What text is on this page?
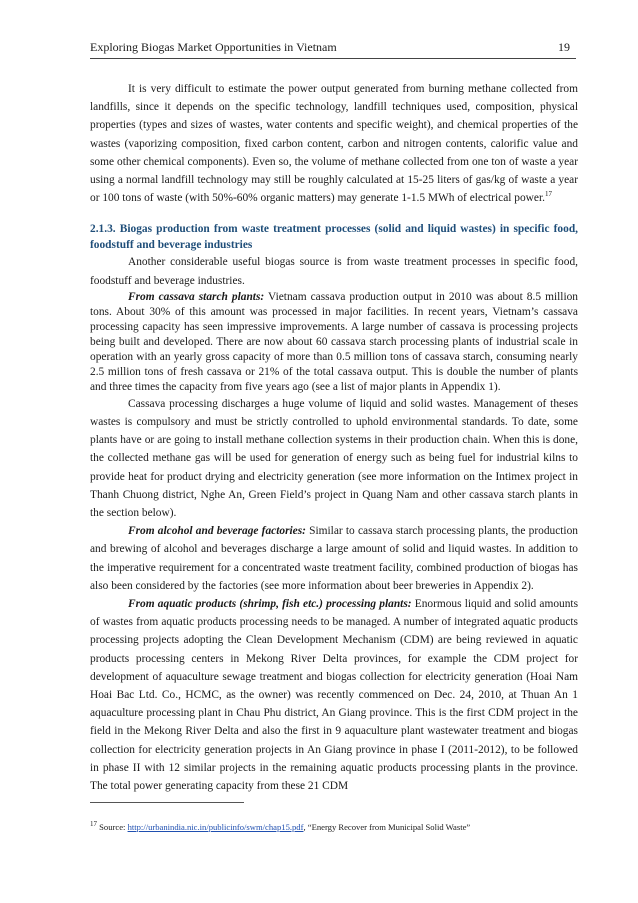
Exploring Biogas Market Opportunities in Vietnam	19

It is very difficult to estimate the power output generated from burning methane collected from landfills, since it depends on the specific technology, landfill techniques used, composition, physical properties (types and sizes of wastes, water contents and specific weight), and chemical properties of the wastes (vaporizing composition, fixed carbon content, carbon and nitrogen contents, calorific value and some other chemical components). Even so, the volume of methane collected from one ton of waste a year using a normal landfill technology may still be roughly calculated at 15-25 liters of gas/kg of waste a year or 100 tons of waste (with 50%-60% organic matters) may generate 1-1.5 MWh of electrical power.$^{17}$

2.1.3. Biogas production from waste treatment processes (solid and liquid wastes) in specific food, foodstuff and beverage industries

Another considerable useful biogas source is from waste treatment processes in specific food, foodstuff and beverage industries.

From cassava starch plants: Vietnam cassava production output in 2010 was about 8.5 million tons. About 30% of this amount was processed in major facilities. In recent years, Vietnam’s cassava processing capacity has seen impressive improvements. A large number of cassava is processing projects being built and developed. There are now about 60 cassava starch processing plants of industrial scale in operation with an yearly gross capacity of more than 0.5 million tons of cassava starch, consuming nearly 2.5 million tons of fresh cassava or 21% of the total cassava output. This is double the number of plants and three times the capacity from five years ago (see a list of major plants in Appendix 1).

Cassava processing discharges a huge volume of liquid and solid wastes. Management of theses wastes is compulsory and must be strictly controlled to uphold environmental standards. To date, some plants have or are going to install methane collection systems in their production chain. When this is done, the collected methane gas will be used for generation of energy such as being fuel for industrial kilns to provide heat for product drying and electricity generation (see more information on the Intimex project in Thanh Chuong district, Nghe An, Green Field’s project in Quang Nam and other cassava starch plants in the section below).

From alcohol and beverage factories: Similar to cassava starch processing plants, the production and brewing of alcohol and beverages discharge a large amount of solid and liquid wastes. In addition to the imperative requirement for a concentrated waste treatment facility, combined production of biogas has also been considered by the factories (see more information about beer breweries in Appendix 2).

From aquatic products (shrimp, fish etc.) processing plants: Enormous liquid and solid amounts of wastes from aquatic products processing needs to be managed. A number of integrated aquatic products processing projects adopting the Clean Development Mechanism (CDM) are being reviewed in aquatic products processing centers in Mekong River Delta provinces, for example the CDM project for development of aquaculture sewage treatment and biogas collection for electricity generation (Hoai Nam Hoai Bac Ltd. Co., HCMC, as the owner) was recently commenced on Dec. 24, 2010, at Thuan An 1 aquaculture processing plant in Chau Phu district, An Giang province. This is the first CDM project in the field in the Mekong River Delta and also the first in 9 aquaculture plant wastewater treatment and biogas collection for electricity generation projects in An Giang province in phase I (2011-2012), to be followed in phase II with 12 similar projects in the remaining aquatic products processing plants in the province. The total power generating capacity from these 21 CDM

$^{17}$ Source: http://urbanindia.nic.in/publicinfo/swm/chap15.pdf, “Energy Recover from Municipal Solid Waste”
